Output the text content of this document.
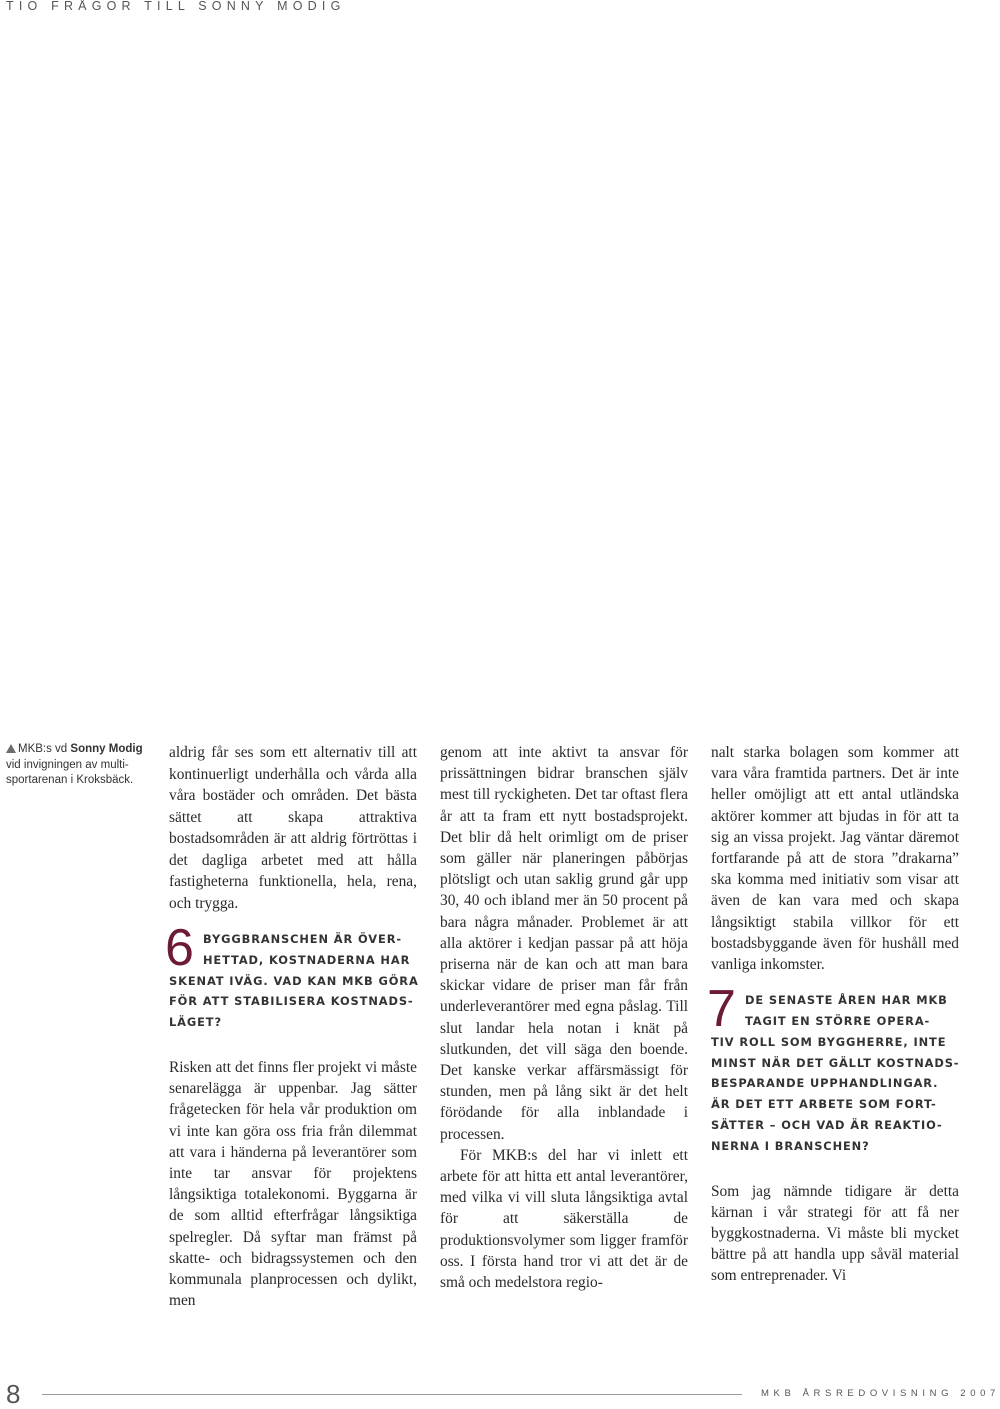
TIO FRÅGOR TILL SONNY MODIG
MKB:s vd Sonny Modig vid invigningen av multi-sportarenan i Kroksbäck.

aldrig får ses som ett alternativ till att kontinuerligt underhålla och vårda alla våra bostäder och områden. Det bästa sättet att skapa attraktiva bostadsområden är att aldrig förtröttas i det dagliga arbetet med att hålla fastigheterna funktionella, hela, rena, och trygga.

6 BYGGBRANSCHEN ÄR ÖVER-
HETTAD, KOSTNADERNA HAR
SKENAT IVÄG. VAD KAN MKB GÖRA
FÖR ATT STABILISERA KOSTNADS-
LÄGET?

Risken att det finns fler projekt vi måste senarelägga är uppenbar. Jag sätter frågetecken för hela vår produktion om vi inte kan göra oss fria från dilemmat att vara i händerna på leverantörer som inte tar ansvar för projektens långsiktiga totalekonomi. Byggarna är de som alltid efterfrågar långsiktiga spelregler. Då syftar man främst på skatte- och bidragssystemen och den kommunala planprocessen och dylikt, men

genom att inte aktivt ta ansvar för prissättningen bidrar branschen själv mest till ryckigheten. Det tar oftast flera år att ta fram ett nytt bostadsprojekt. Det blir då helt orimligt om de priser som gäller när planeringen påbörjas plötsligt och utan saklig grund går upp 30, 40 och ibland mer än 50 procent på bara några månader. Problemet är att alla aktörer i kedjan passar på att höja priserna när de kan och att man bara skickar vidare de priser man får från underleverantörer med egna påslag. Till slut landar hela notan i knät på slutkunden, det vill säga den boende. Det kanske verkar affärsmässigt för stunden, men på lång sikt är det helt förödande för alla inblandade i processen.

För MKB:s del har vi inlett ett arbete för att hitta ett antal leverantörer, med vilka vi vill sluta långsiktiga avtal för att säkerställa de produktionsvolymer som ligger framför oss. I första hand tror vi att det är de små och medelstora regio-

nalt starka bolagen som kommer att vara våra framtida partners. Det är inte heller omöjligt att ett antal utländska aktörer kommer att bjudas in för att ta sig an vissa projekt. Jag väntar däremot fortfarande på att de stora ”drakarna” ska komma med initiativ som visar att även de kan vara med och skapa långsiktigt stabila villkor för ett bostadsbyggande även för hushåll med vanliga inkomster.

7 DE SENASTE ÅREN HAR MKB
TAGIT EN STÖRRE OPERA-
TIV ROLL SOM BYGGHERRE, INTE
MINST NÄR DET GÄLLT KOSTNADS-
BESPARANDE UPPHANDLINGAR.
ÄR DET ETT ARBETE SOM FORT-
SÄTTER – OCH VAD ÄR REAKTIO-
NERNA I BRANSCHEN?

Som jag nämnde tidigare är detta kärnan i vår strategi för att få ner byggkostnaderna. Vi måste bli mycket bättre på att handla upp såväl material som entreprenader. Vi

8	MKB ÅRSREDOVISNING 2007
